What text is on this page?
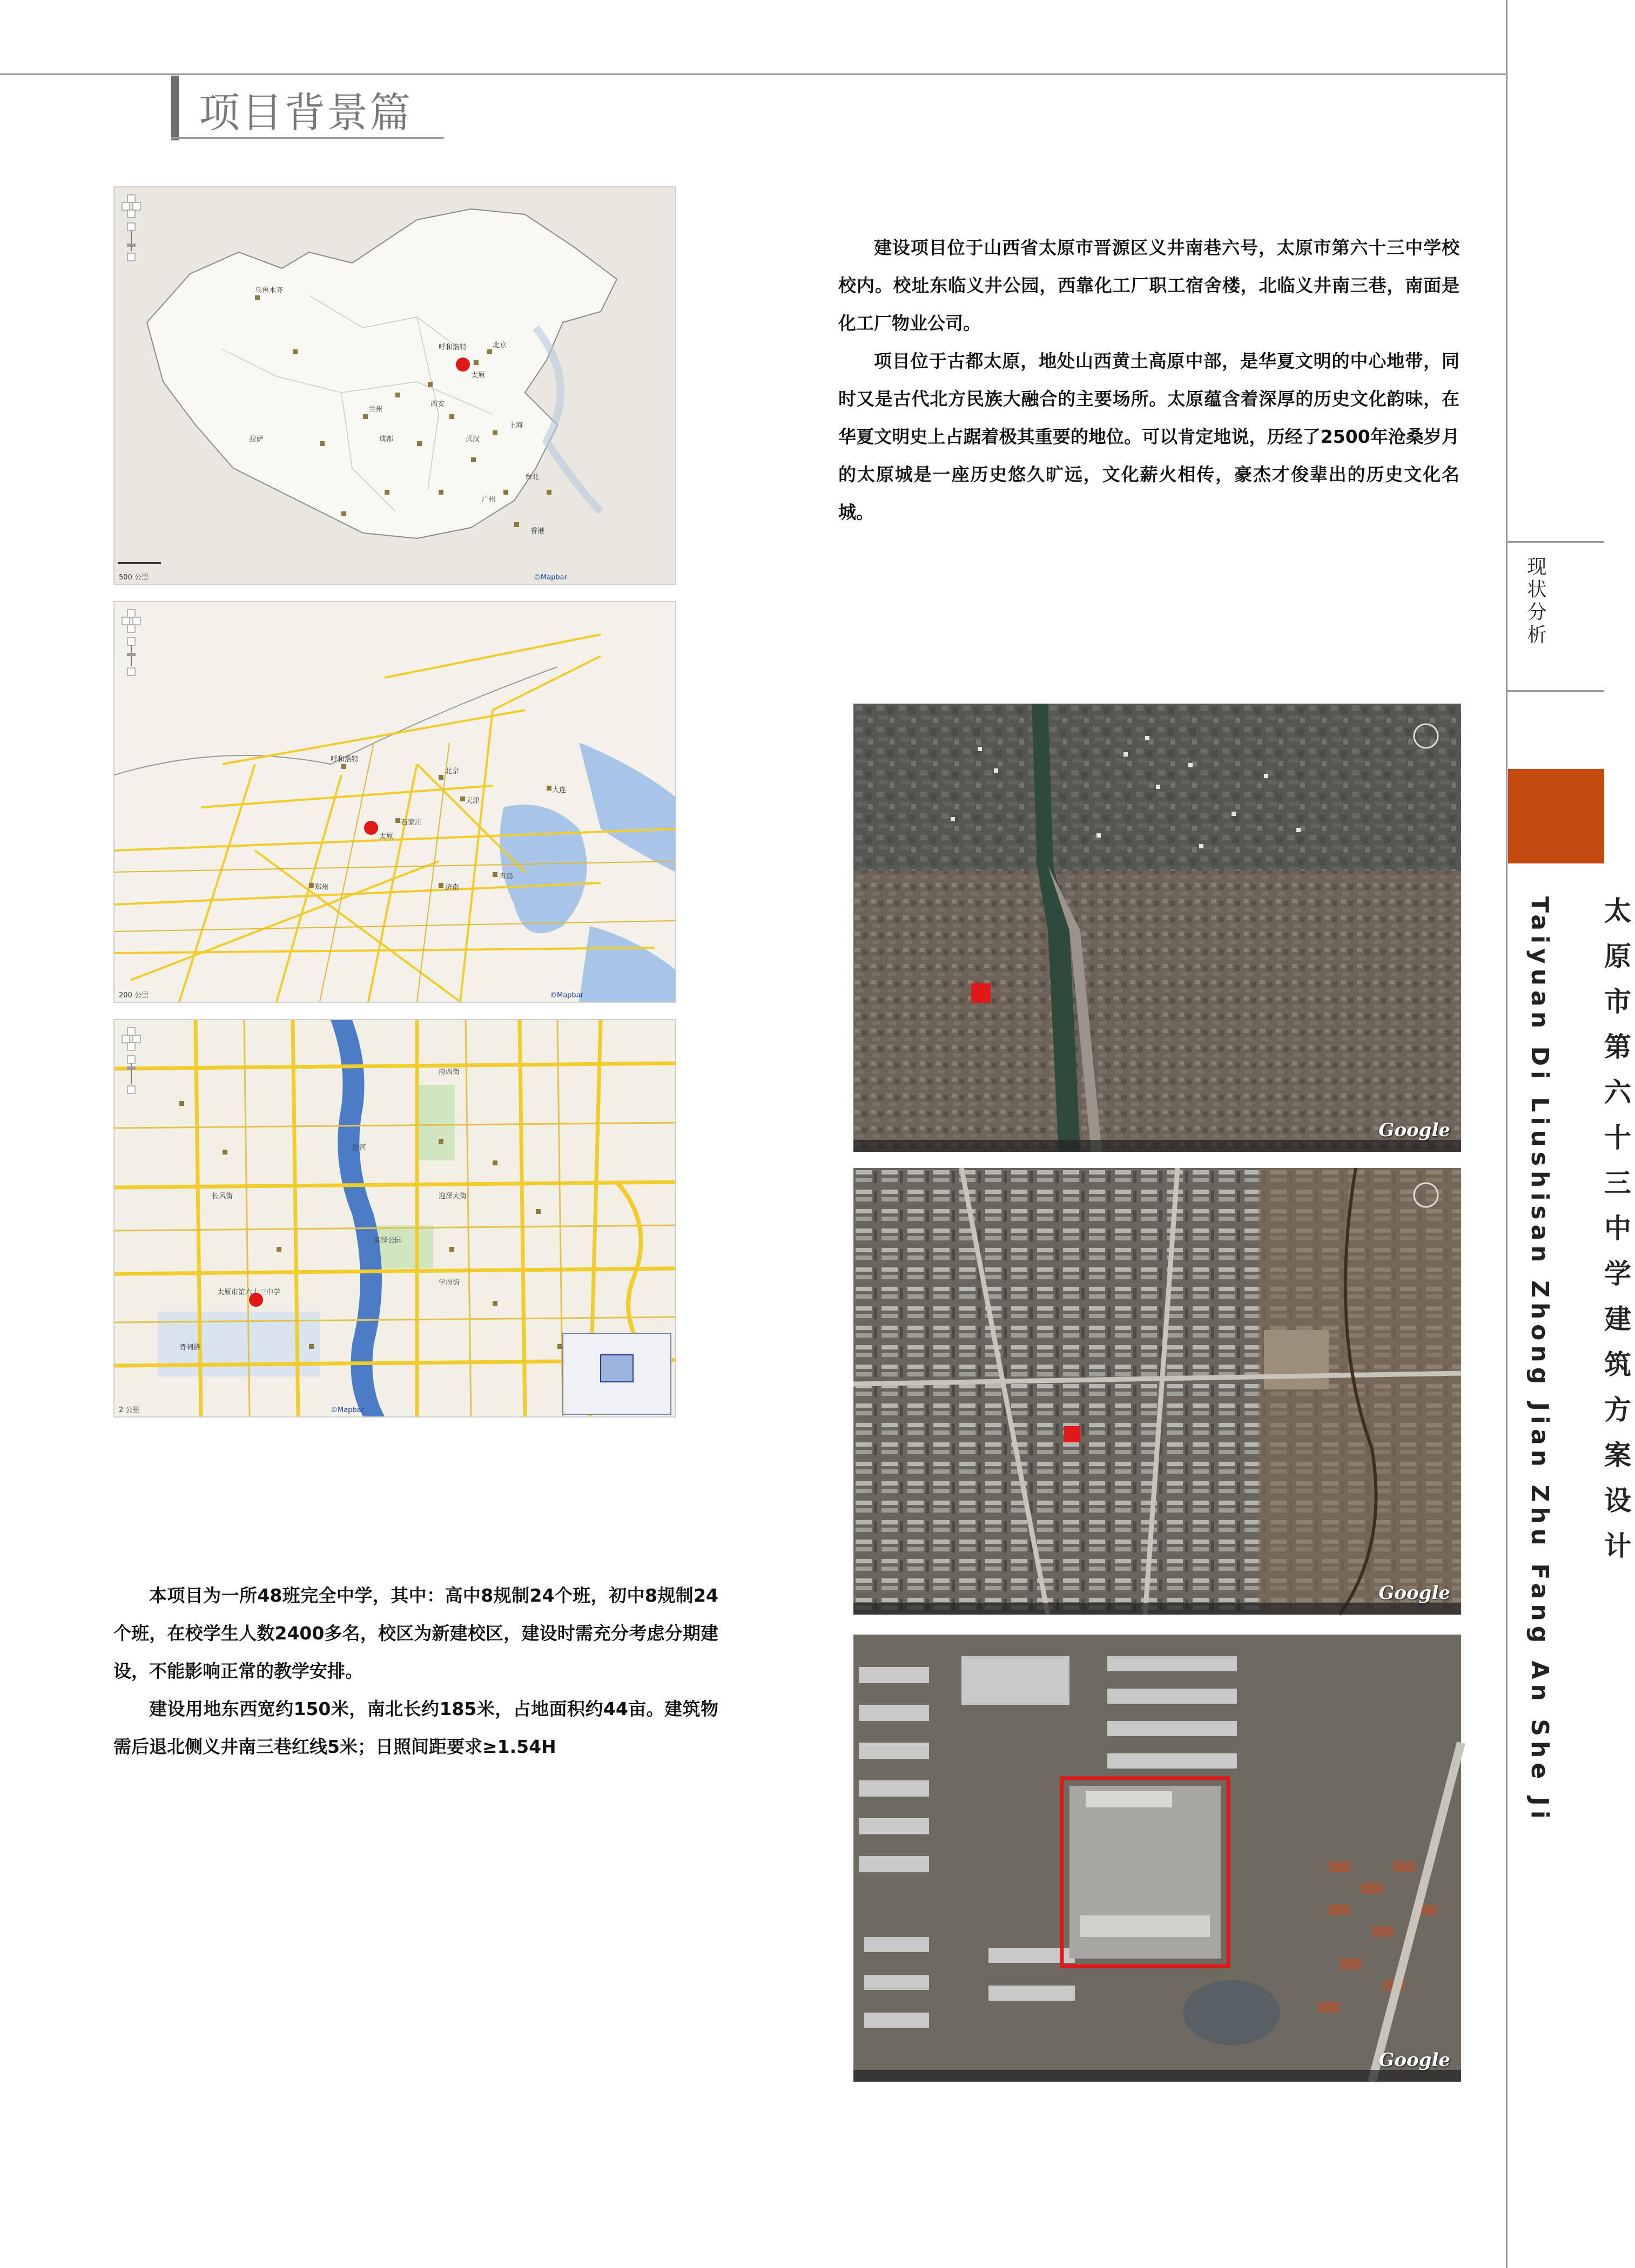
项目背景篇
现状分析
太原市第六十三中学建筑方案设计
Taiyuan Di Liushisan Zhong Jian Zhu Fang An She Ji

建设项目位于山西省太原市晋源区义井南巷六号，太原市第六十三中学校校内。校址东临义井公园，西靠化工厂职工宿舍楼，北临义井南三巷，南面是化工厂物业公司。

项目位于古都太原，地处山西黄土高原中部，是华夏文明的中心地带，同时又是古代北方民族大融合的主要场所。太原蕴含着深厚的历史文化韵味，在华夏文明史上占踞着极其重要的地位。可以肯定地说，历经了2500年沧桑岁月的太原城是一座历史悠久旷远，文化薪火相传，豪杰才俊辈出的历史文化名城。

本项目为一所48班完全中学，其中：高中8规制24个班，初中8规制24个班，在校学生人数2400多名，校区为新建校区，建设时需充分考虑分期建设，不能影响正常的教学安排。

建设用地东西宽约150米，南北长约185米，占地面积约44亩。建筑物需后退北侧义井南三巷红线5米；日照间距要求≥1.54H

乌鲁木齐
呼和浩特	北京
太原
兰州
西安
成都	武汉
上海
广州
台北
香港
拉萨
500 公里	©Mapbar
呼和浩特
北京
天津
石家庄
太原
济南
郑州
大连
青岛
200 公里	©Mapbar
迎泽大街
汾河
府西街
长风街
太原市第六十三中学
迎泽公园
学府街
晋祠路
2 公里	©Mapbar
Google
Google
Google
